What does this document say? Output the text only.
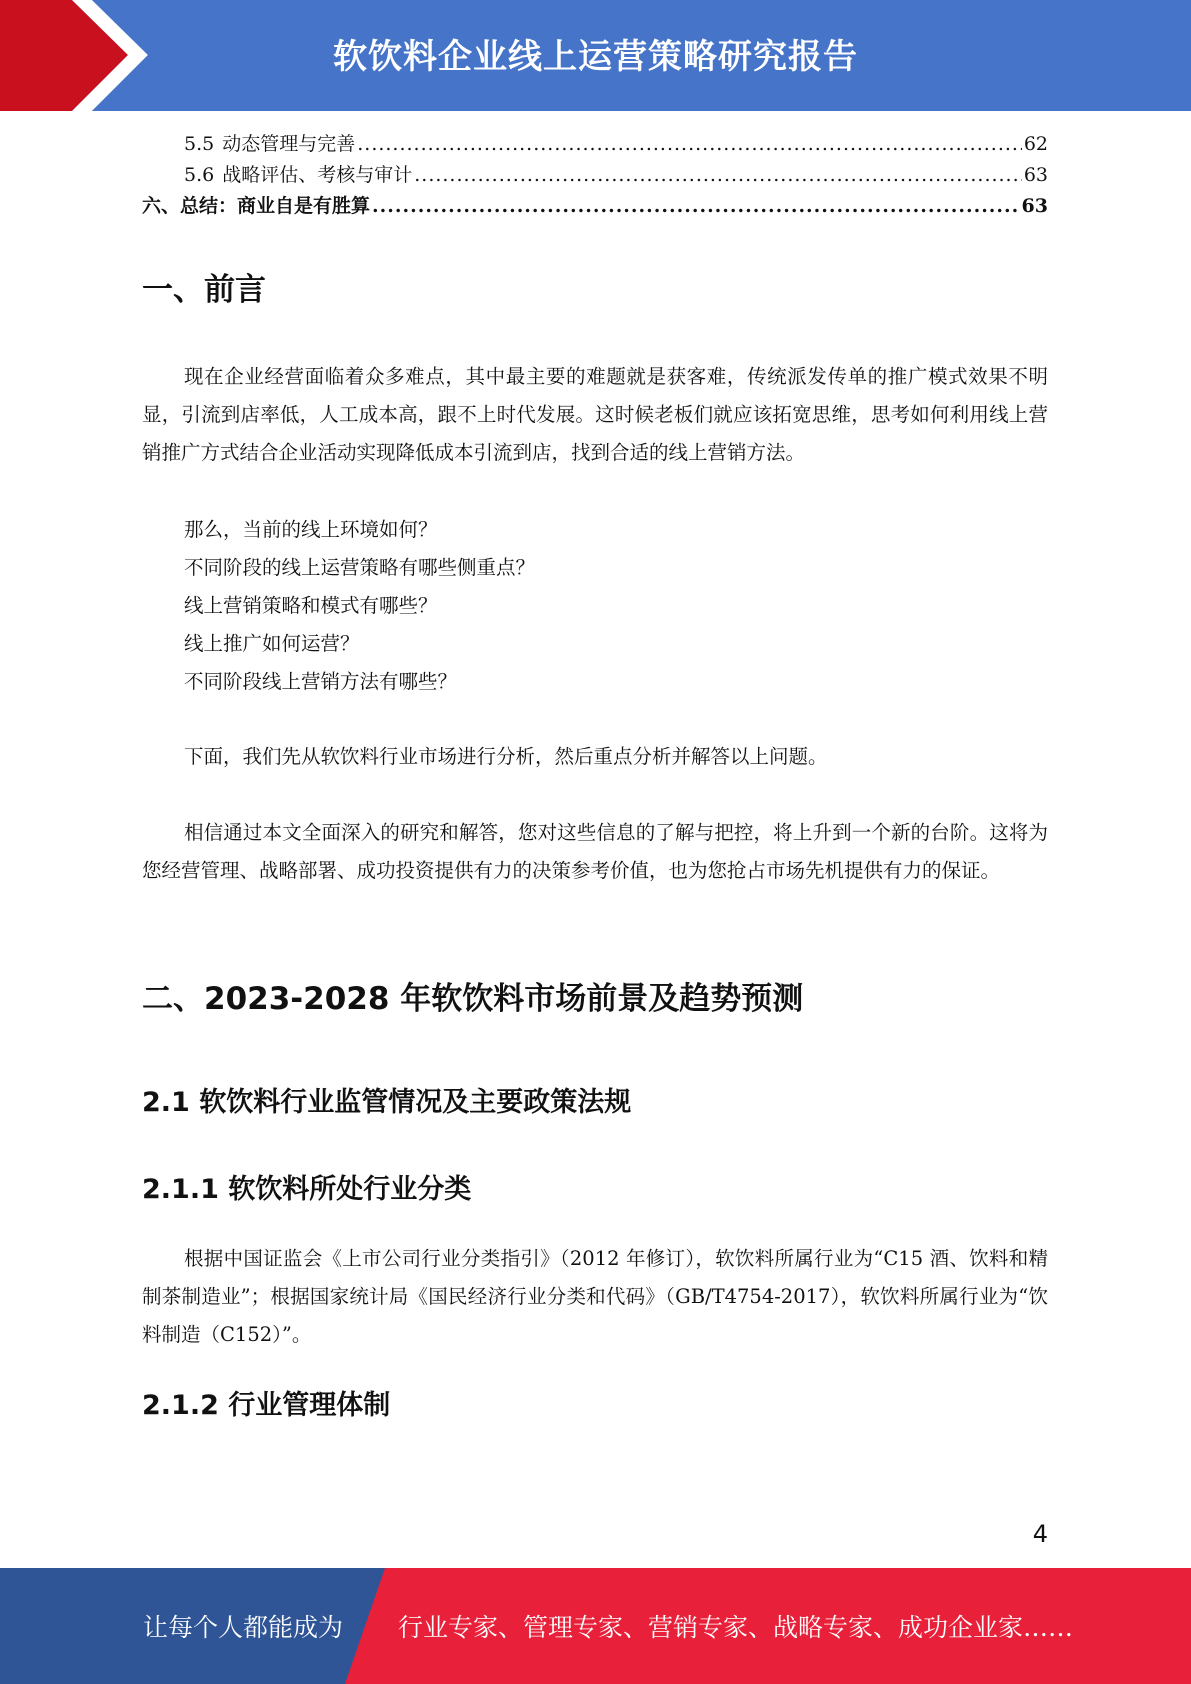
软饮料企业线上运营策略研究报告
5.5 动态管理与完善 .....	62
5.6 战略评估、考核与审计 .....	63
六、总结：商业自是有胜算 .....	63
一、前言

现在企业经营面临着众多难点，其中最主要的难题就是获客难，传统派发传单的推广模式效果不明显，引流到店率低，人工成本高，跟不上时代发展。这时候老板们就应该拓宽思维，思考如何利用线上营销推广方式结合企业活动实现降低成本引流到店，找到合适的线上营销方法。

那么，当前的线上环境如何？

不同阶段的线上运营策略有哪些侧重点？

线上营销策略和模式有哪些？

线上推广如何运营？

不同阶段线上营销方法有哪些？

下面，我们先从软饮料行业市场进行分析，然后重点分析并解答以上问题。

相信通过本文全面深入的研究和解答，您对这些信息的了解与把控，将上升到一个新的台阶。这将为您经营管理、战略部署、成功投资提供有力的决策参考价值，也为您抢占市场先机提供有力的保证。

二、2023-2028 年软饮料市场前景及趋势预测
2.1 软饮料行业监管情况及主要政策法规
2.1.1 软饮料所处行业分类

根据中国证监会《上市公司行业分类指引》（2012 年修订），软饮料所属行业为“C15 酒、饮料和精制茶制造业”；根据国家统计局《国民经济行业分类和代码》（GB/T4754-2017），软饮料所属行业为“饮料制造（C152）”。

2.1.2 行业管理体制
4
让每个人都能成为 行业专家、管理专家、营销专家、战略专家、成功企业家……
